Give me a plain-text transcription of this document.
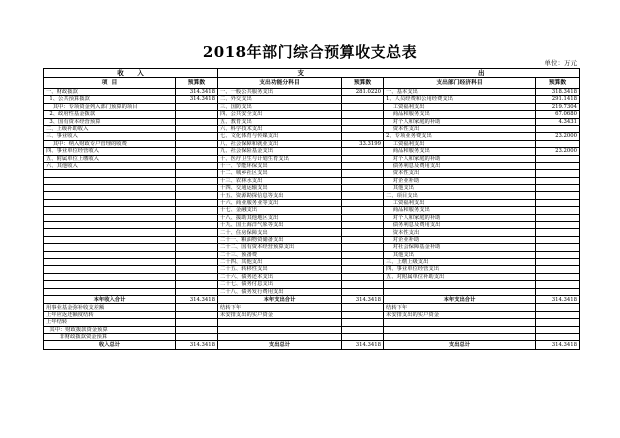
2018年部门综合预算收支总表
单位：万元
收      入		支		出	
项  目	预算数	支出功能分科目	预算数	支出部门经济科目	预算数
一、财政拨款	314.3418	一、一般公共服务支出	281.0220	一、基本支出	318.3418
1、公共预算拨款	314.3418	二、外交支出		1、人员经费和公用经费支出	291.1418
其中：专项资金列入部门预算的项目		三、国防支出		工资福利支出	219.7304
2、政府性基金拨款		四、公共安全支出		商品和服务支出	67.0680
3、国有资本经营预算		五、教育支出		对个人和家庭的补助	4.3431
二、上级补助收入		六、科学技术支出		资本性支出	
三、事业收入		七、文化体育与传媒支出		2、专项业务费支出	23.2000
其中：纳入财政专户管理的收费		八、社会保障和就业支出	33.3199	工资福利支出	
四、事业单位经营收入		九、社会保险基金支出		商品和服务支出	23.2000
五、附属单位上缴收入		十、医疗卫生与计划生育支出		对个人和家庭的补助	
六、其他收入		十一、节能环保支出		债务利息及费用支出	
		十二、城乡社区支出		资本性支出	
		十三、农林水支出		对企业补助	
		十四、交通运输支出		其他支出	
		十五、资源勘探信息等支出		二、项目支出	
		十六、商业服务业等支出		工资福利支出	
		十七、金融支出		商品和服务支出	
		十八、援助其他地区支出		对个人和家庭的补助	
		十九、国土海洋气象等支出		债务利息及费用支出	
		二十、住房保障支出		资本性支出	
		二十一、粮油物资储备支出		对企业补助	
		二十二、国有资本经营预算支出		对社会保障基金补助	
		二十三、预备费		其他支出	
		二十四、其他支出		三、上缴上级支出	
		二十五、转移性支出		四、事业单位经营支出	
		二十六、债务还本支出		五、对附属单位补助支出	
		二十七、债务付息支出			
		二十八、债务发行费用支出			
本年收入合计	314.3418	本年支出合计	314.3418	本年支出合计	314.3418
用事业基金弥补收支差额		结转下年		结转下年	
上年应返还额度结转		未安排支出的实户资金		未安排支出的实户资金	
上年结转					
其中：财政拨款资金预算					
非财政拨款资金预算					
收入总计	314.3418	支出总计	314.3418	支出总计	314.3418
